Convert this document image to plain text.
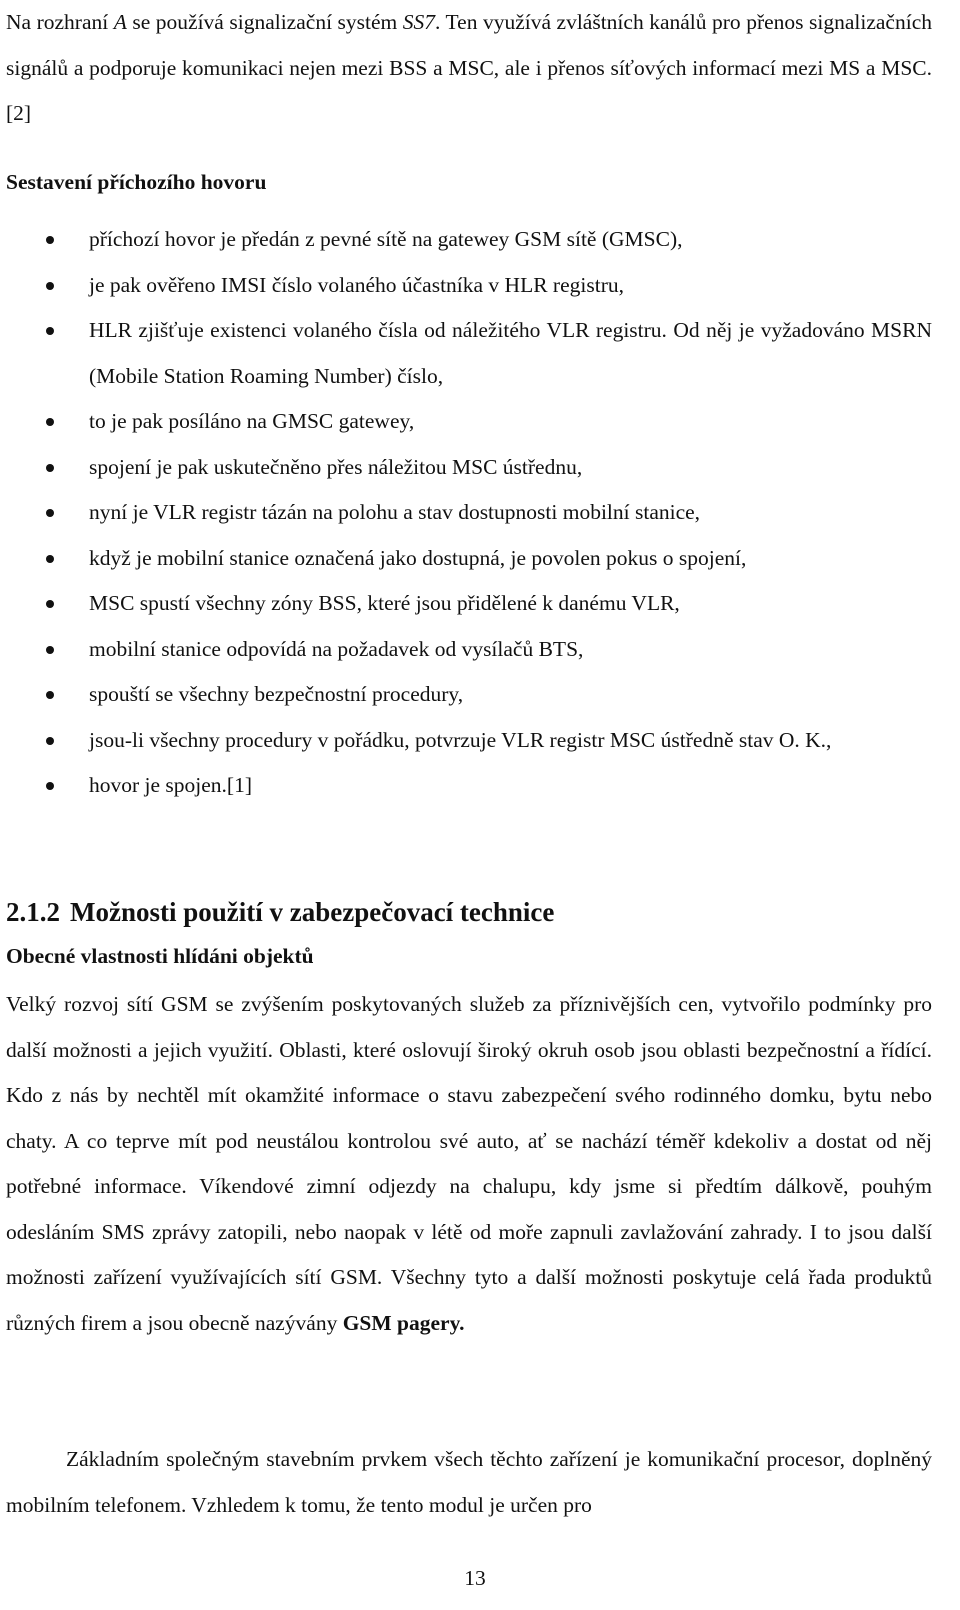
Na rozhraní A se používá signalizační systém SS7. Ten využívá zvláštních kanálů pro přenos signalizačních signálů a podporuje komunikaci nejen mezi BSS a MSC, ale i přenos síťových informací mezi MS a MSC.[2]

Sestavení příchozího hovoru
příchozí hovor je předán z pevné sítě na gatewey GSM sítě (GMSC),
je pak ověřeno IMSI číslo volaného účastníka v HLR registru,
HLR zjišťuje existenci volaného čísla od náležitého VLR registru. Od něj je vyžadováno MSRN (Mobile Station Roaming Number) číslo,
to je pak posíláno na GMSC gatewey,
spojení je pak uskutečněno přes náležitou MSC ústřednu,
nyní je VLR registr tázán na polohu a stav dostupnosti mobilní stanice,
když je mobilní stanice označená jako dostupná, je povolen pokus o spojení,
MSC spustí všechny zóny BSS, které jsou přidělené k danému VLR,
mobilní stanice odpovídá na požadavek od vysílačů BTS,
spouští se všechny bezpečnostní procedury,
jsou-li všechny procedury v pořádku, potvrzuje VLR registr MSC ústředně stav O. K.,
hovor je spojen.[1]
2.1.2 Možnosti použití v zabezpečovací technice
Obecné vlastnosti hlídáni objektů

Velký rozvoj sítí GSM se zvýšením poskytovaných služeb za příznivějších cen, vytvořilo podmínky pro další možnosti a jejich využití. Oblasti, které oslovují široký okruh osob jsou oblasti bezpečnostní a řídící. Kdo z nás by nechtěl mít okamžité informace o stavu zabezpečení svého rodinného domku, bytu nebo chaty. A co teprve mít pod neustálou kontrolou své auto, ať se nachází téměř kdekoliv a dostat od něj potřebné informace. Víkendové zimní odjezdy na chalupu, kdy jsme si předtím dálkově, pouhým odesláním SMS zprávy zatopili, nebo naopak v létě od moře zapnuli zavlažování zahrady. I to jsou další možnosti zařízení využívajících sítí GSM. Všechny tyto a další možnosti poskytuje celá řada produktů různých firem a jsou obecně nazývány GSM pagery.

Základním společným stavebním prvkem všech těchto zařízení je komunikační procesor, doplněný mobilním telefonem. Vzhledem k tomu, že tento modul je určen pro

13
